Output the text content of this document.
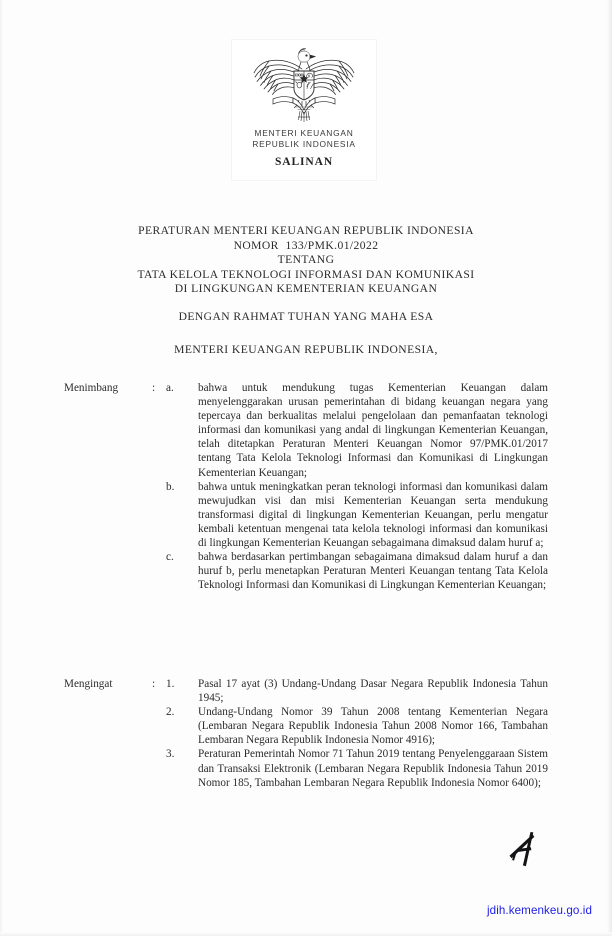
MENTERI KEUANGAN
REPUBLIK INDONESIA
SALINAN
PERATURAN MENTERI KEUANGAN REPUBLIK INDONESIA
NOMOR  133/PMK.01/2022
TENTANG
TATA KELOLA TEKNOLOGI INFORMASI DAN KOMUNIKASI
DI LINGKUNGAN KEMENTERIAN KEUANGAN
DENGAN RAHMAT TUHAN YANG MAHA ESA
MENTERI KEUANGAN REPUBLIK INDONESIA,
Menimbang	: a.	bahwa untuk mendukung tugas Kementerian Keuangan dalam menyelenggarakan urusan pemerintahan di bidang keuangan negara yang tepercaya dan berkualitas melalui pengelolaan dan pemanfaatan teknologi informasi dan komunikasi yang andal di lingkungan Kementerian Keuangan, telah ditetapkan Peraturan Menteri Keuangan Nomor 97/PMK.01/2017 tentang Tata Kelola Teknologi Informasi dan Komunikasi di Lingkungan Kementerian Keuangan;
b.	bahwa untuk meningkatkan peran teknologi informasi dan komunikasi dalam mewujudkan visi dan misi Kementerian Keuangan serta mendukung transformasi digital di lingkungan Kementerian Keuangan, perlu mengatur kembali ketentuan mengenai tata kelola teknologi informasi dan komunikasi di lingkungan Kementerian Keuangan sebagaimana dimaksud dalam huruf a;
c.	bahwa berdasarkan pertimbangan sebagaimana dimaksud dalam huruf a dan huruf b, perlu menetapkan Peraturan Menteri Keuangan tentang Tata Kelola Teknologi Informasi dan Komunikasi di Lingkungan Kementerian Keuangan;
Mengingat	: 1.	Pasal 17 ayat (3) Undang-Undang Dasar Negara Republik Indonesia Tahun 1945;
2.	Undang-Undang Nomor 39 Tahun 2008 tentang Kementerian Negara (Lembaran Negara Republik Indonesia Tahun 2008 Nomor 166, Tambahan Lembaran Negara Republik Indonesia Nomor 4916);
3.	Peraturan Pemerintah Nomor 71 Tahun 2019 tentang Penyelenggaraan Sistem dan Transaksi Elektronik (Lembaran Negara Republik Indonesia Tahun 2019 Nomor 185, Tambahan Lembaran Negara Republik Indonesia Nomor 6400);
jdih.kemenkeu.go.id
